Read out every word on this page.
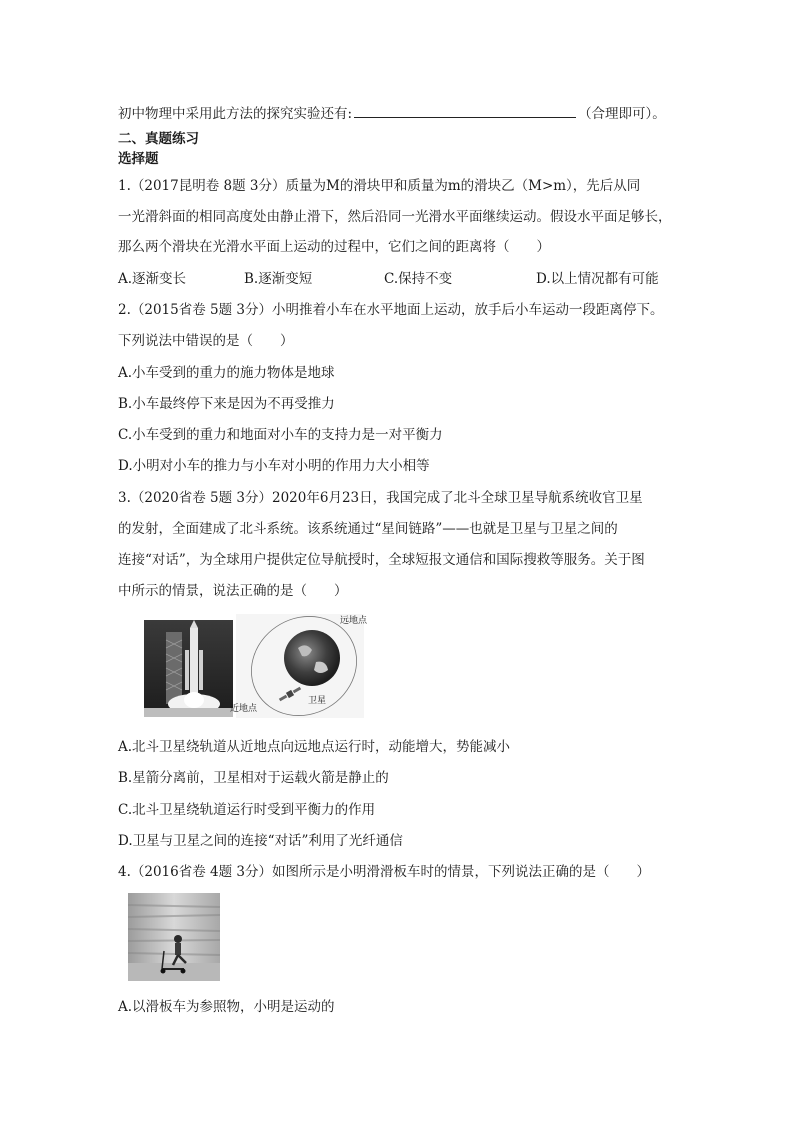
初中物理中采用此方法的探究实验还有:	（合理即可）。
二、真题练习
选择题
1.（2017昆明卷 8题 3分）质量为M的滑块甲和质量为m的滑块乙（M>m），先后从同
一光滑斜面的相同高度处由静止滑下，然后沿同一光滑水平面继续运动。假设水平面足够长，
那么两个滑块在光滑水平面上运动的过程中，它们之间的距离将（　　）
A.逐渐变长	B.逐渐变短	C.保持不变	D.以上情况都有可能
2.（2015省卷 5题 3分）小明推着小车在水平地面上运动，放手后小车运动一段距离停下。
下列说法中错误的是（　　）
A.小车受到的重力的施力物体是地球
B.小车最终停下来是因为不再受推力
C.小车受到的重力和地面对小车的支持力是一对平衡力
D.小明对小车的推力与小车对小明的作用力大小相等
3.（2020省卷 5题 3分）2020年6月23日，我国完成了北斗全球卫星导航系统收官卫星
的发射，全面建成了北斗系统。该系统通过“星间链路”——也就是卫星与卫星之间的
连接“对话”，为全球用户提供定位导航授时，全球短报文通信和国际搜救等服务。关于图
中所示的情景，说法正确的是（　　）
远地点
近地点
卫星
A.北斗卫星绕轨道从近地点向远地点运行时，动能增大，势能减小
B.星箭分离前，卫星相对于运载火箭是静止的
C.北斗卫星绕轨道运行时受到平衡力的作用
D.卫星与卫星之间的连接“对话”利用了光纤通信
4.（2016省卷 4题 3分）如图所示是小明滑滑板车时的情景，下列说法正确的是（　　）
A.以滑板车为参照物，小明是运动的
